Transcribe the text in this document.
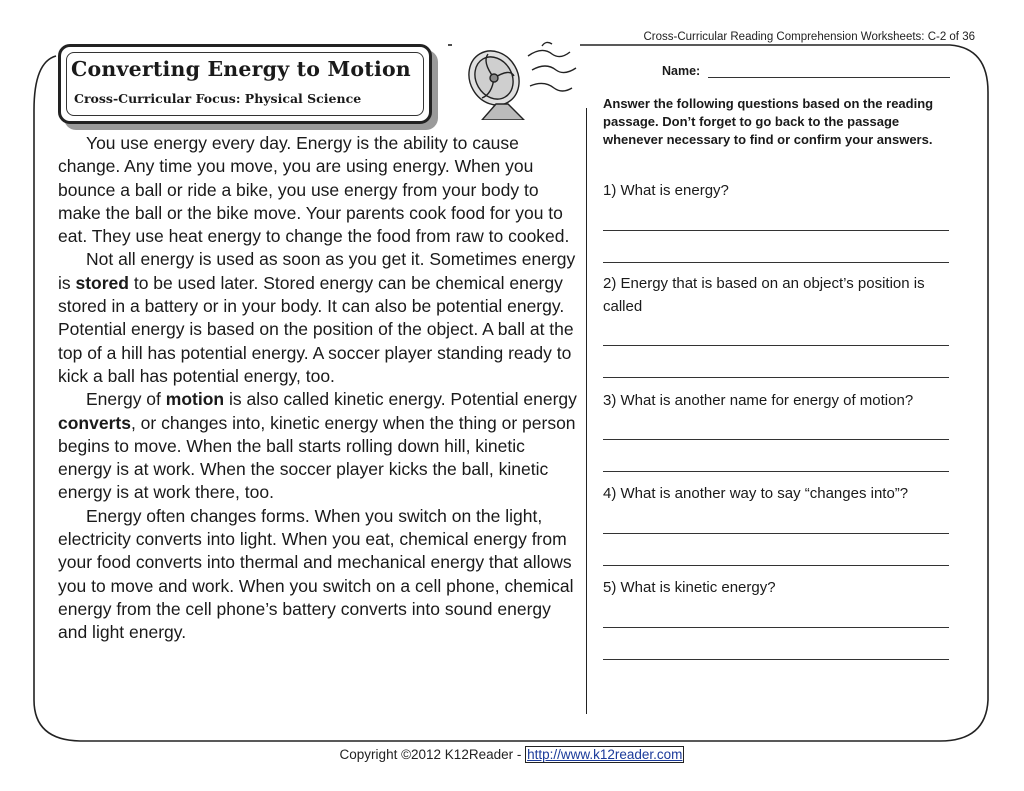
Cross-Curricular Reading Comprehension Worksheets: C-2 of 36
Converting Energy to Motion
Cross-Curricular Focus: Physical Science

You use energy every day. Energy is the ability to cause change. Any time you move, you are using energy. When you bounce a ball or ride a bike, you use energy from your body to make the ball or the bike move. Your parents cook food for you to eat. They use heat energy to change the food from raw to cooked.

Not all energy is used as soon as you get it. Sometimes energy is stored to be used later. Stored energy can be chemical energy stored in a battery or in your body. It can also be potential energy. Potential energy is based on the position of the object. A ball at the top of a hill has potential energy. A soccer player standing ready to kick a ball has potential energy, too.

Energy of motion is also called kinetic energy. Potential energy converts, or changes into, kinetic energy when the thing or person begins to move. When the ball starts rolling down hill, kinetic energy is at work. When the soccer player kicks the ball, kinetic energy is at work there, too.

Energy often changes forms. When you switch on the light, electricity converts into light. When you eat, chemical energy from your food converts into thermal and mechanical energy that allows you to move and work. When you switch on a cell phone, chemical energy from the cell phone’s battery converts into sound energy and light energy.

Name:

Answer the following questions based on the reading passage. Don’t forget to go back to the passage whenever necessary to find or confirm your answers.

1) What is energy?

2) Energy that is based on an object’s position is called

3) What is another name for energy of motion?

4) What is another way to say “changes into”?

5) What is kinetic energy?

Copyright ©2012 K12Reader - http://www.k12reader.com
